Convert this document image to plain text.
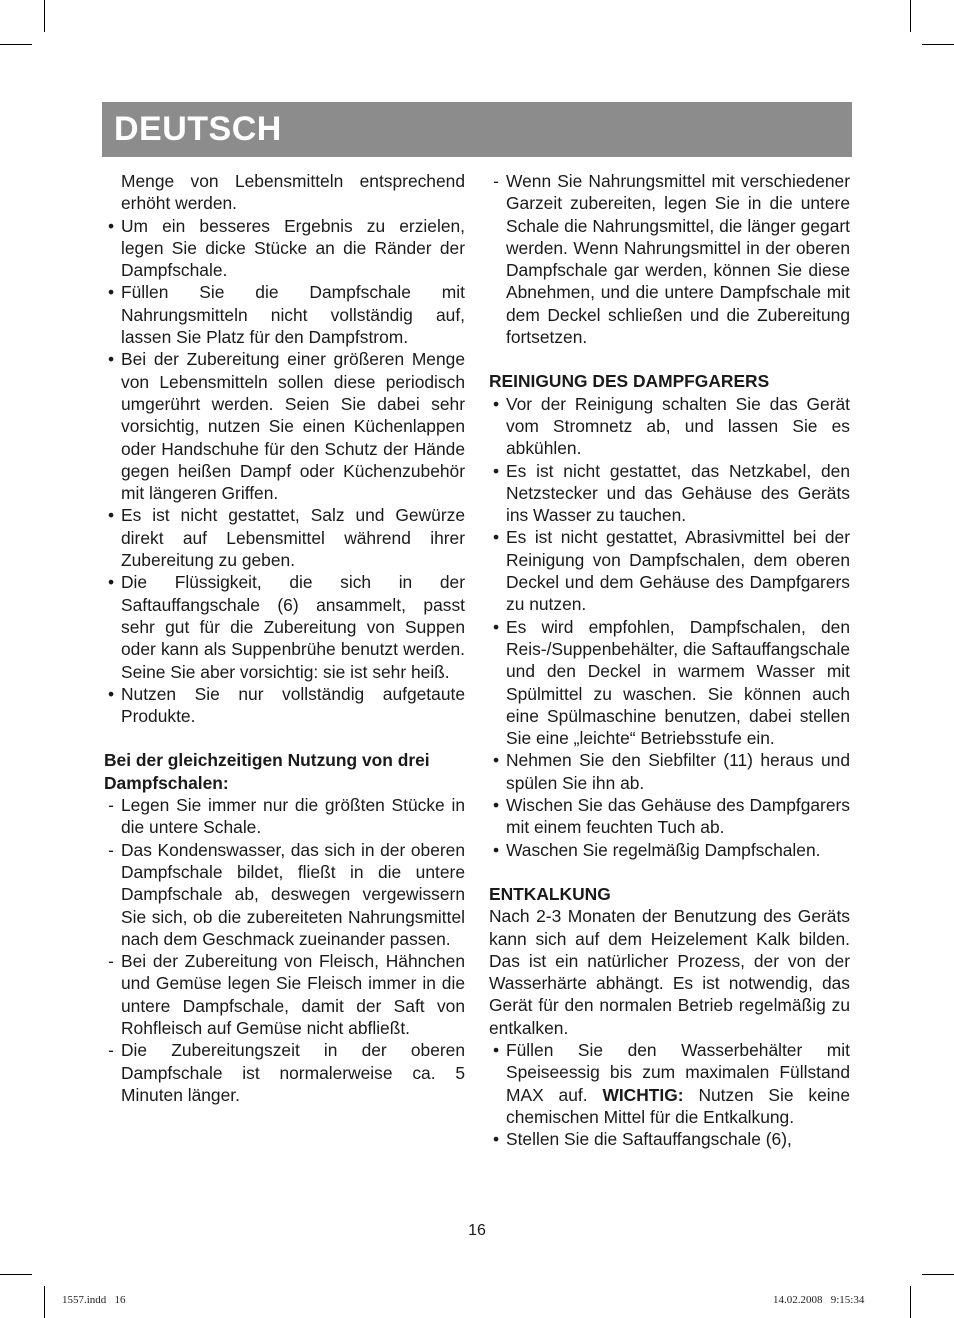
DEUTSCH

Menge von Lebensmitteln entsprechend erhöht werden.

• Um ein besseres Ergebnis zu erzielen, legen Sie dicke Stücke an die Ränder der Dampfschale.

• Füllen Sie die Dampfschale mit Nahrungsmitteln nicht vollständig auf, lassen Sie Platz für den Dampfstrom.

• Bei der Zubereitung einer größeren Menge von Lebensmitteln sollen diese periodisch umgerührt werden. Seien Sie dabei sehr vorsichtig, nutzen Sie einen Küchenlappen oder Handschuhe für den Schutz der Hände gegen heißen Dampf oder Küchenzubehör mit längeren Griffen.

• Es ist nicht gestattet, Salz und Gewürze direkt auf Lebensmittel während ihrer Zubereitung zu geben.

• Die Flüssigkeit, die sich in der Saftauffangschale (6) ansammelt, passt sehr gut für die Zubereitung von Suppen oder kann als Suppenbrühe benutzt werden. Seine Sie aber vorsichtig: sie ist sehr heiß.

• Nutzen Sie nur vollständig aufgetaute Produkte.

Bei der gleichzeitigen Nutzung von drei Dampfschalen:

- Legen Sie immer nur die größten Stücke in die untere Schale.

- Das Kondenswasser, das sich in der oberen Dampfschale bildet, fließt in die untere Dampfschale ab, deswegen vergewissern Sie sich, ob die zubereiteten Nahrungsmittel nach dem Geschmack zueinander passen.

- Bei der Zubereitung von Fleisch, Hähnchen und Gemüse legen Sie Fleisch immer in die untere Dampfschale, damit der Saft von Rohfleisch auf Gemüse nicht abfließt.

- Die Zubereitungszeit in der oberen Dampfschale ist normalerweise ca. 5 Minuten länger.

- Wenn Sie Nahrungsmittel mit verschiedener Garzeit zubereiten, legen Sie in die untere Schale die Nahrungsmittel, die länger gegart werden. Wenn Nahrungsmittel in der oberen Dampfschale gar werden, können Sie diese Abnehmen, und die untere Dampfschale mit dem Deckel schließen und die Zubereitung fortsetzen.

REINIGUNG DES DAMPFGARERS

• Vor der Reinigung schalten Sie das Gerät vom Stromnetz ab, und lassen Sie es abkühlen.

• Es ist nicht gestattet, das Netzkabel, den Netzstecker und das Gehäuse des Geräts ins Wasser zu tauchen.

• Es ist nicht gestattet, Abrasivmittel bei der Reinigung von Dampfschalen, dem oberen Deckel und dem Gehäuse des Dampfgarers zu nutzen.

• Es wird empfohlen, Dampfschalen, den Reis-/Suppenbehälter, die Saftauffangschale und den Deckel in warmem Wasser mit Spülmittel zu waschen. Sie können auch eine Spülmaschine benutzen, dabei stellen Sie eine „leichte“ Betriebsstufe ein.

• Nehmen Sie den Siebfilter (11) heraus und spülen Sie ihn ab.

• Wischen Sie das Gehäuse des Dampfgarers mit einem feuchten Tuch ab.

• Waschen Sie regelmäßig Dampfschalen.

ENTKALKUNG

Nach 2-3 Monaten der Benutzung des Geräts kann sich auf dem Heizelement Kalk bilden. Das ist ein natürlicher Prozess, der von der Wasserhärte abhängt. Es ist notwendig, das Gerät für den normalen Betrieb regelmäßig zu entkalken.

• Füllen Sie den Wasserbehälter mit Speiseessig bis zum maximalen Füllstand MAX auf. WICHTIG: Nutzen Sie keine chemischen Mittel für die Entkalkung.

• Stellen Sie die Saftauffangschale (6),

16
1557.indd   16	14.02.2008   9:15:34
